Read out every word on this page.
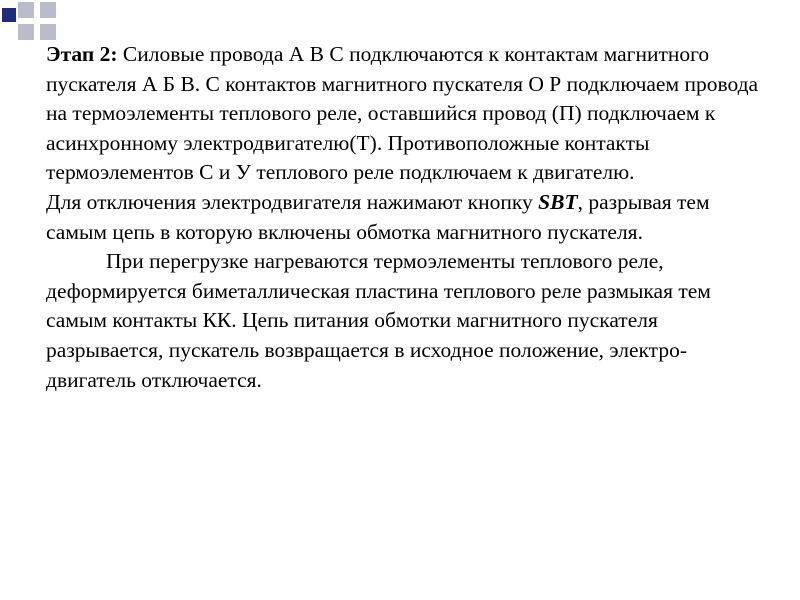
Этап 2: Силовые провода А В С подключаются к контактам магнитного пускателя А Б В. С контактов магнитного пускателя О Р подключаем провода на термоэлементы теплового реле, оставшийся провод (П) подключаем к асинхронному электродвигателю(Т). Противоположные контакты термоэлементов С и У теплового реле подключаем к двигателю.

Для отключения электродвигателя нажимают кнопку SBT, разрывая тем самым цепь в которую включены обмотка магнитного пускателя.

При перегрузке нагреваются термоэлементы теплового реле, деформируется биметаллическая пластина теплового реле размыкая тем самым контакты КК. Цепь питания обмотки магнитного пускателя разрывается, пускатель возвращается в исходное положение, электро- двигатель отключается.
